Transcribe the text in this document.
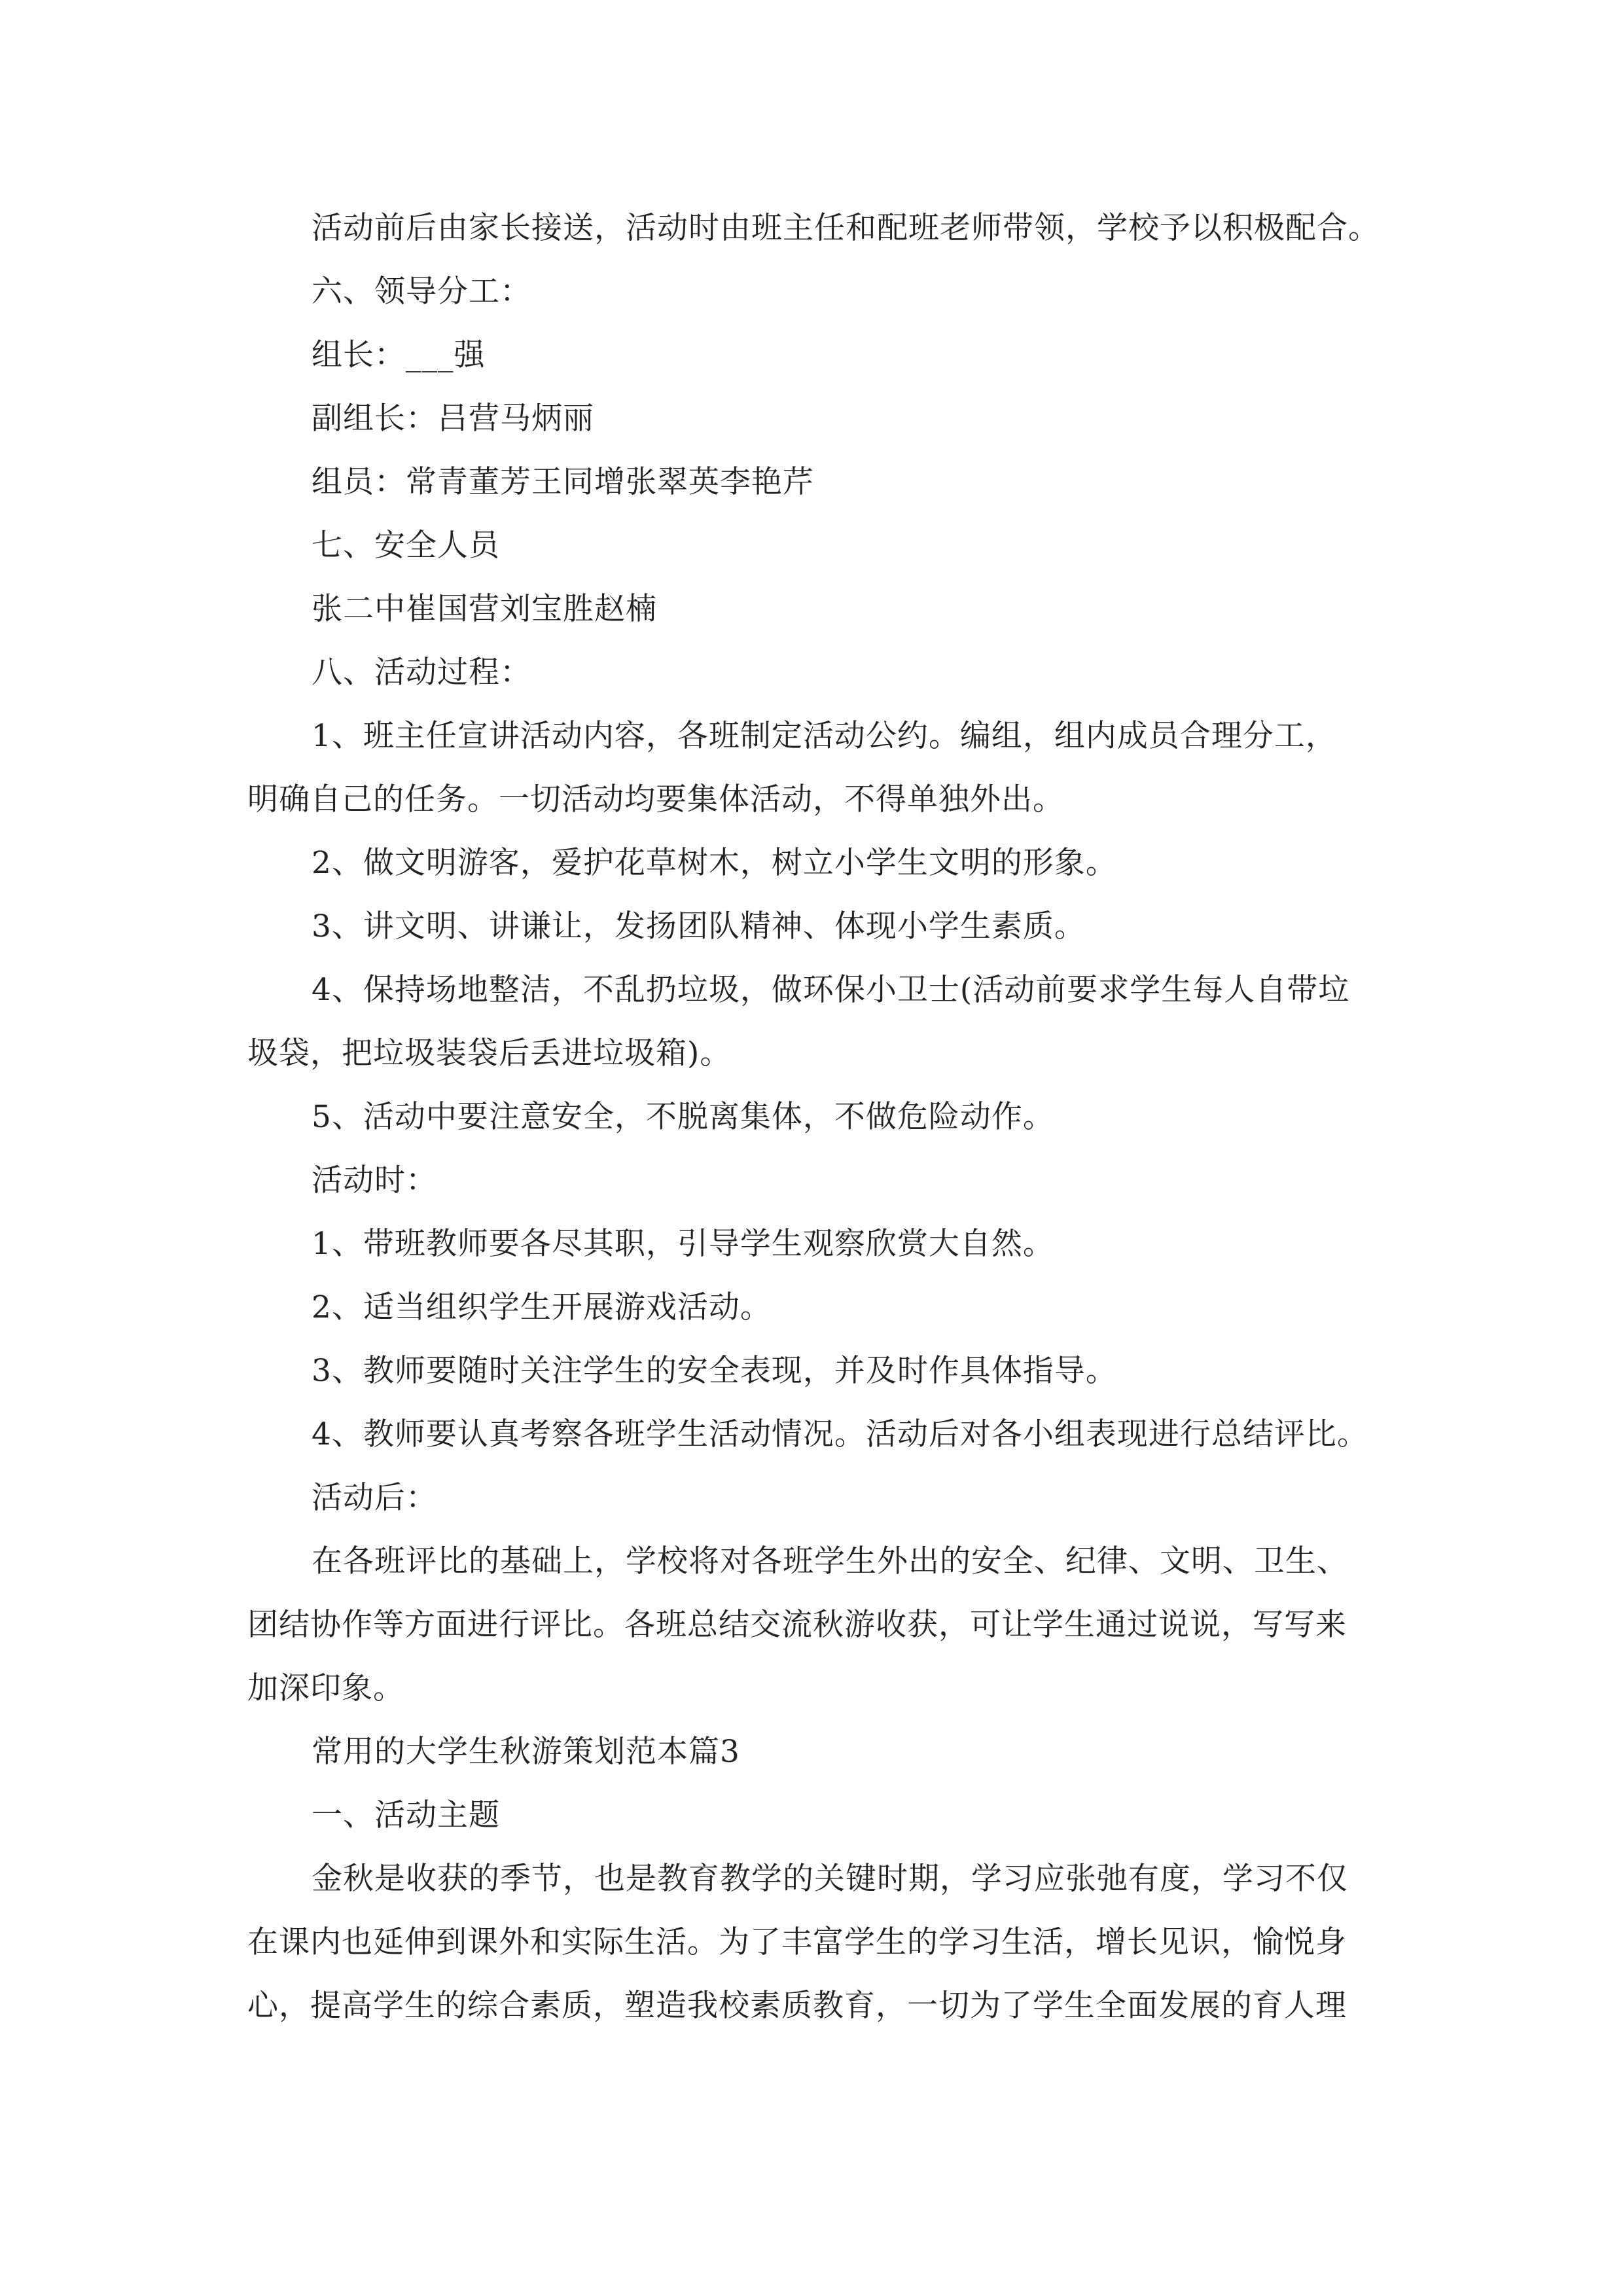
活动前后由家长接送，活动时由班主任和配班老师带领，学校予以积极配合。
六、领导分工：
组长：___强
副组长：吕营马炳丽
组员：常青董芳王同增张翠英李艳芹
七、安全人员
张二中崔国营刘宝胜赵楠
八、活动过程：
1、班主任宣讲活动内容，各班制定活动公约。编组，组内成员合理分工，
明确自己的任务。一切活动均要集体活动，不得单独外出。
2、做文明游客，爱护花草树木，树立小学生文明的形象。
3、讲文明、讲谦让，发扬团队精神、体现小学生素质。
4、保持场地整洁，不乱扔垃圾，做环保小卫士(活动前要求学生每人自带垃
圾袋，把垃圾装袋后丢进垃圾箱)。
5、活动中要注意安全，不脱离集体，不做危险动作。
活动时：
1、带班教师要各尽其职，引导学生观察欣赏大自然。
2、适当组织学生开展游戏活动。
3、教师要随时关注学生的安全表现，并及时作具体指导。
4、教师要认真考察各班学生活动情况。活动后对各小组表现进行总结评比。
活动后：
在各班评比的基础上，学校将对各班学生外出的安全、纪律、文明、卫生、
团结协作等方面进行评比。各班总结交流秋游收获，可让学生通过说说，写写来
加深印象。
常用的大学生秋游策划范本篇3
一、活动主题
金秋是收获的季节，也是教育教学的关键时期，学习应张弛有度，学习不仅
在课内也延伸到课外和实际生活。为了丰富学生的学习生活，增长见识，愉悦身
心，提高学生的综合素质，塑造我校素质教育，一切为了学生全面发展的育人理
